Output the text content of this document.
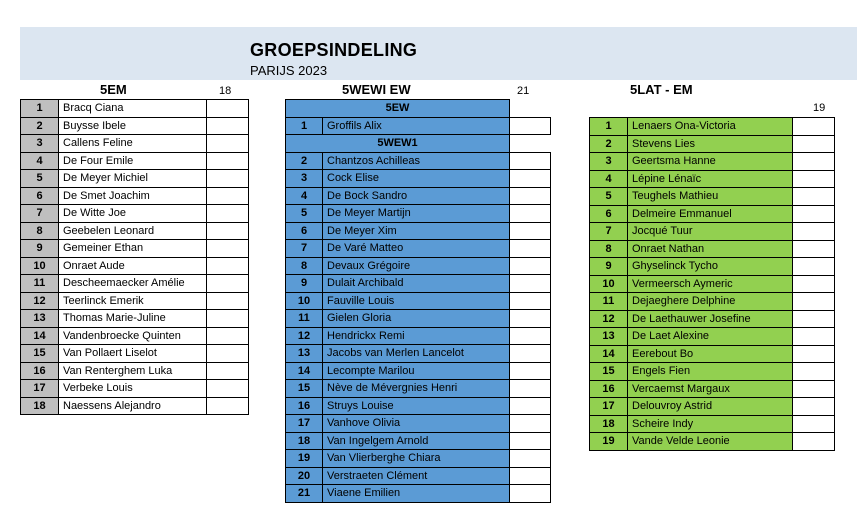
GROEPSINDELING
PARIJS 2023
5EM	18	5WEWI EW	21	5LAT - EM
19
1	Bracq Ciana	
2	Buysse Ibele	
3	Callens Feline	
4	De Four Emile	
5	De Meyer Michiel	
6	De Smet Joachim	
7	De Witte Joe	
8	Geebelen Leonard	
9	Gemeiner Ethan	
10	Onraet Aude	
11	Descheemaecker Amélie	
12	Teerlinck Emerik	
13	Thomas Marie-Juline	
14	Vandenbroecke Quinten	
15	Van Pollaert Liselot	
16	Van Renterghem Luka	
17	Verbeke Louis	
18	Naessens Alejandro	
5EW		
1	Groffils Alix	
5WEW1		
2	Chantzos Achilleas	
3	Cock Elise	
4	De Bock Sandro	
5	De Meyer Martijn	
6	De Meyer Xim	
7	De Varé Matteo	
8	Devaux Grégoire	
9	Dulait Archibald	
10	Fauville Louis	
11	Gielen Gloria	
12	Hendrickx Remi	
13	Jacobs van Merlen Lancelot	
14	Lecompte Marilou	
15	Nève de Mévergnies Henri	
16	Struys Louise	
17	Vanhove Olivia	
18	Van Ingelgem Arnold	
19	Van Vlierberghe Chiara	
20	Verstraeten Clément	
21	Viaene Emilien	
1	Lenaers Ona-Victoria	
2	Stevens Lies	
3	Geertsma Hanne	
4	Lépine Lénaïc	
5	Teughels Mathieu	
6	Delmeire Emmanuel	
7	Jocqué Tuur	
8	Onraet Nathan	
9	Ghyselinck Tycho	
10	Vermeersch Aymeric	
11	Dejaeghere Delphine	
12	De Laethauwer Josefine	
13	De Laet Alexine	
14	Eerebout Bo	
15	Engels Fien	
16	Vercaemst Margaux	
17	Delouvroy Astrid	
18	Scheire Indy	
19	Vande Velde Leonie	
